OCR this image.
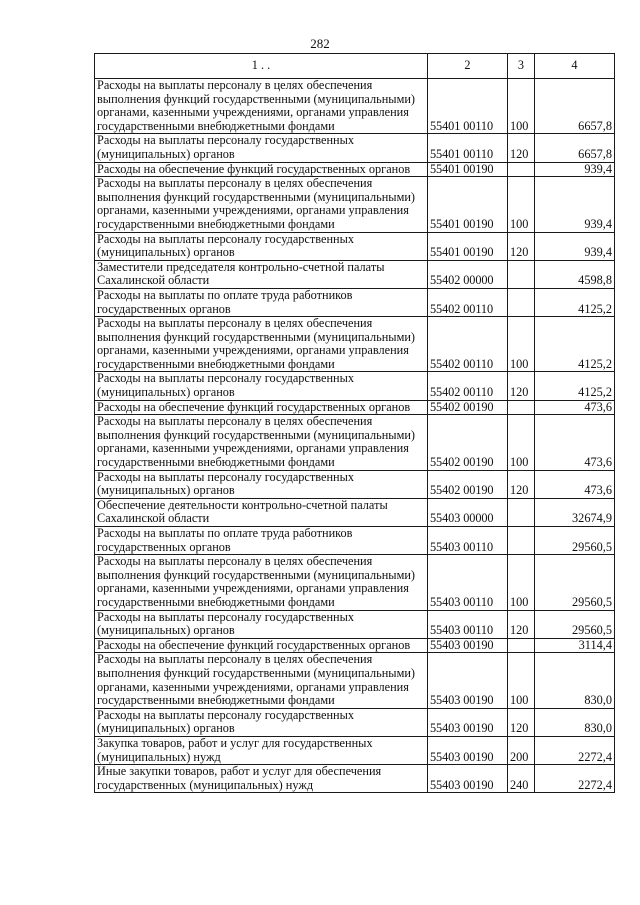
282
1 . .	2	3	4
Расходы на выплаты персоналу в целях обеспечения выполнения функций государственными (муниципальными) органами, казенными учреждениями, органами управления государственными внебюджетными фондами	55401 00110	100	6657,8
Расходы на выплаты персоналу государственных (муниципальных) органов	55401 00110	120	6657,8
Расходы на обеспечение функций государственных органов	55401 00190		939,4
Расходы на выплаты персоналу в целях обеспечения выполнения функций государственными (муниципальными) органами, казенными учреждениями, органами управления государственными внебюджетными фондами	55401 00190	100	939,4
Расходы на выплаты персоналу государственных (муниципальных) органов	55401 00190	120	939,4
Заместители председателя контрольно-счетной палаты Сахалинской области	55402 00000		4598,8
Расходы на выплаты по оплате труда работников государственных органов	55402 00110		4125,2
Расходы на выплаты персоналу в целях обеспечения выполнения функций государственными (муниципальными) органами, казенными учреждениями, органами управления государственными внебюджетными фондами	55402 00110	100	4125,2
Расходы на выплаты персоналу государственных (муниципальных) органов	55402 00110	120	4125,2
Расходы на обеспечение функций государственных органов	55402 00190		473,6
Расходы на выплаты персоналу в целях обеспечения выполнения функций государственными (муниципальными) органами, казенными учреждениями, органами управления государственными внебюджетными фондами	55402 00190	100	473,6
Расходы на выплаты персоналу государственных (муниципальных) органов	55402 00190	120	473,6
Обеспечение деятельности контрольно-счетной палаты Сахалинской области	55403 00000		32674,9
Расходы на выплаты по оплате труда работников государственных органов	55403 00110		29560,5
Расходы на выплаты персоналу в целях обеспечения выполнения функций государственными (муниципальными) органами, казенными учреждениями, органами управления государственными внебюджетными фондами	55403 00110	100	29560,5
Расходы на выплаты персоналу государственных (муниципальных) органов	55403 00110	120	29560,5
Расходы на обеспечение функций государственных органов	55403 00190		3114,4
Расходы на выплаты персоналу в целях обеспечения выполнения функций государственными (муниципальными) органами, казенными учреждениями, органами управления государственными внебюджетными фондами	55403 00190	100	830,0
Расходы на выплаты персоналу государственных (муниципальных) органов	55403 00190	120	830,0
Закупка товаров, работ и услуг для государственных (муниципальных) нужд	55403 00190	200	2272,4
Иные закупки товаров, работ и услуг для обеспечения государственных (муниципальных) нужд	55403 00190	240	2272,4
